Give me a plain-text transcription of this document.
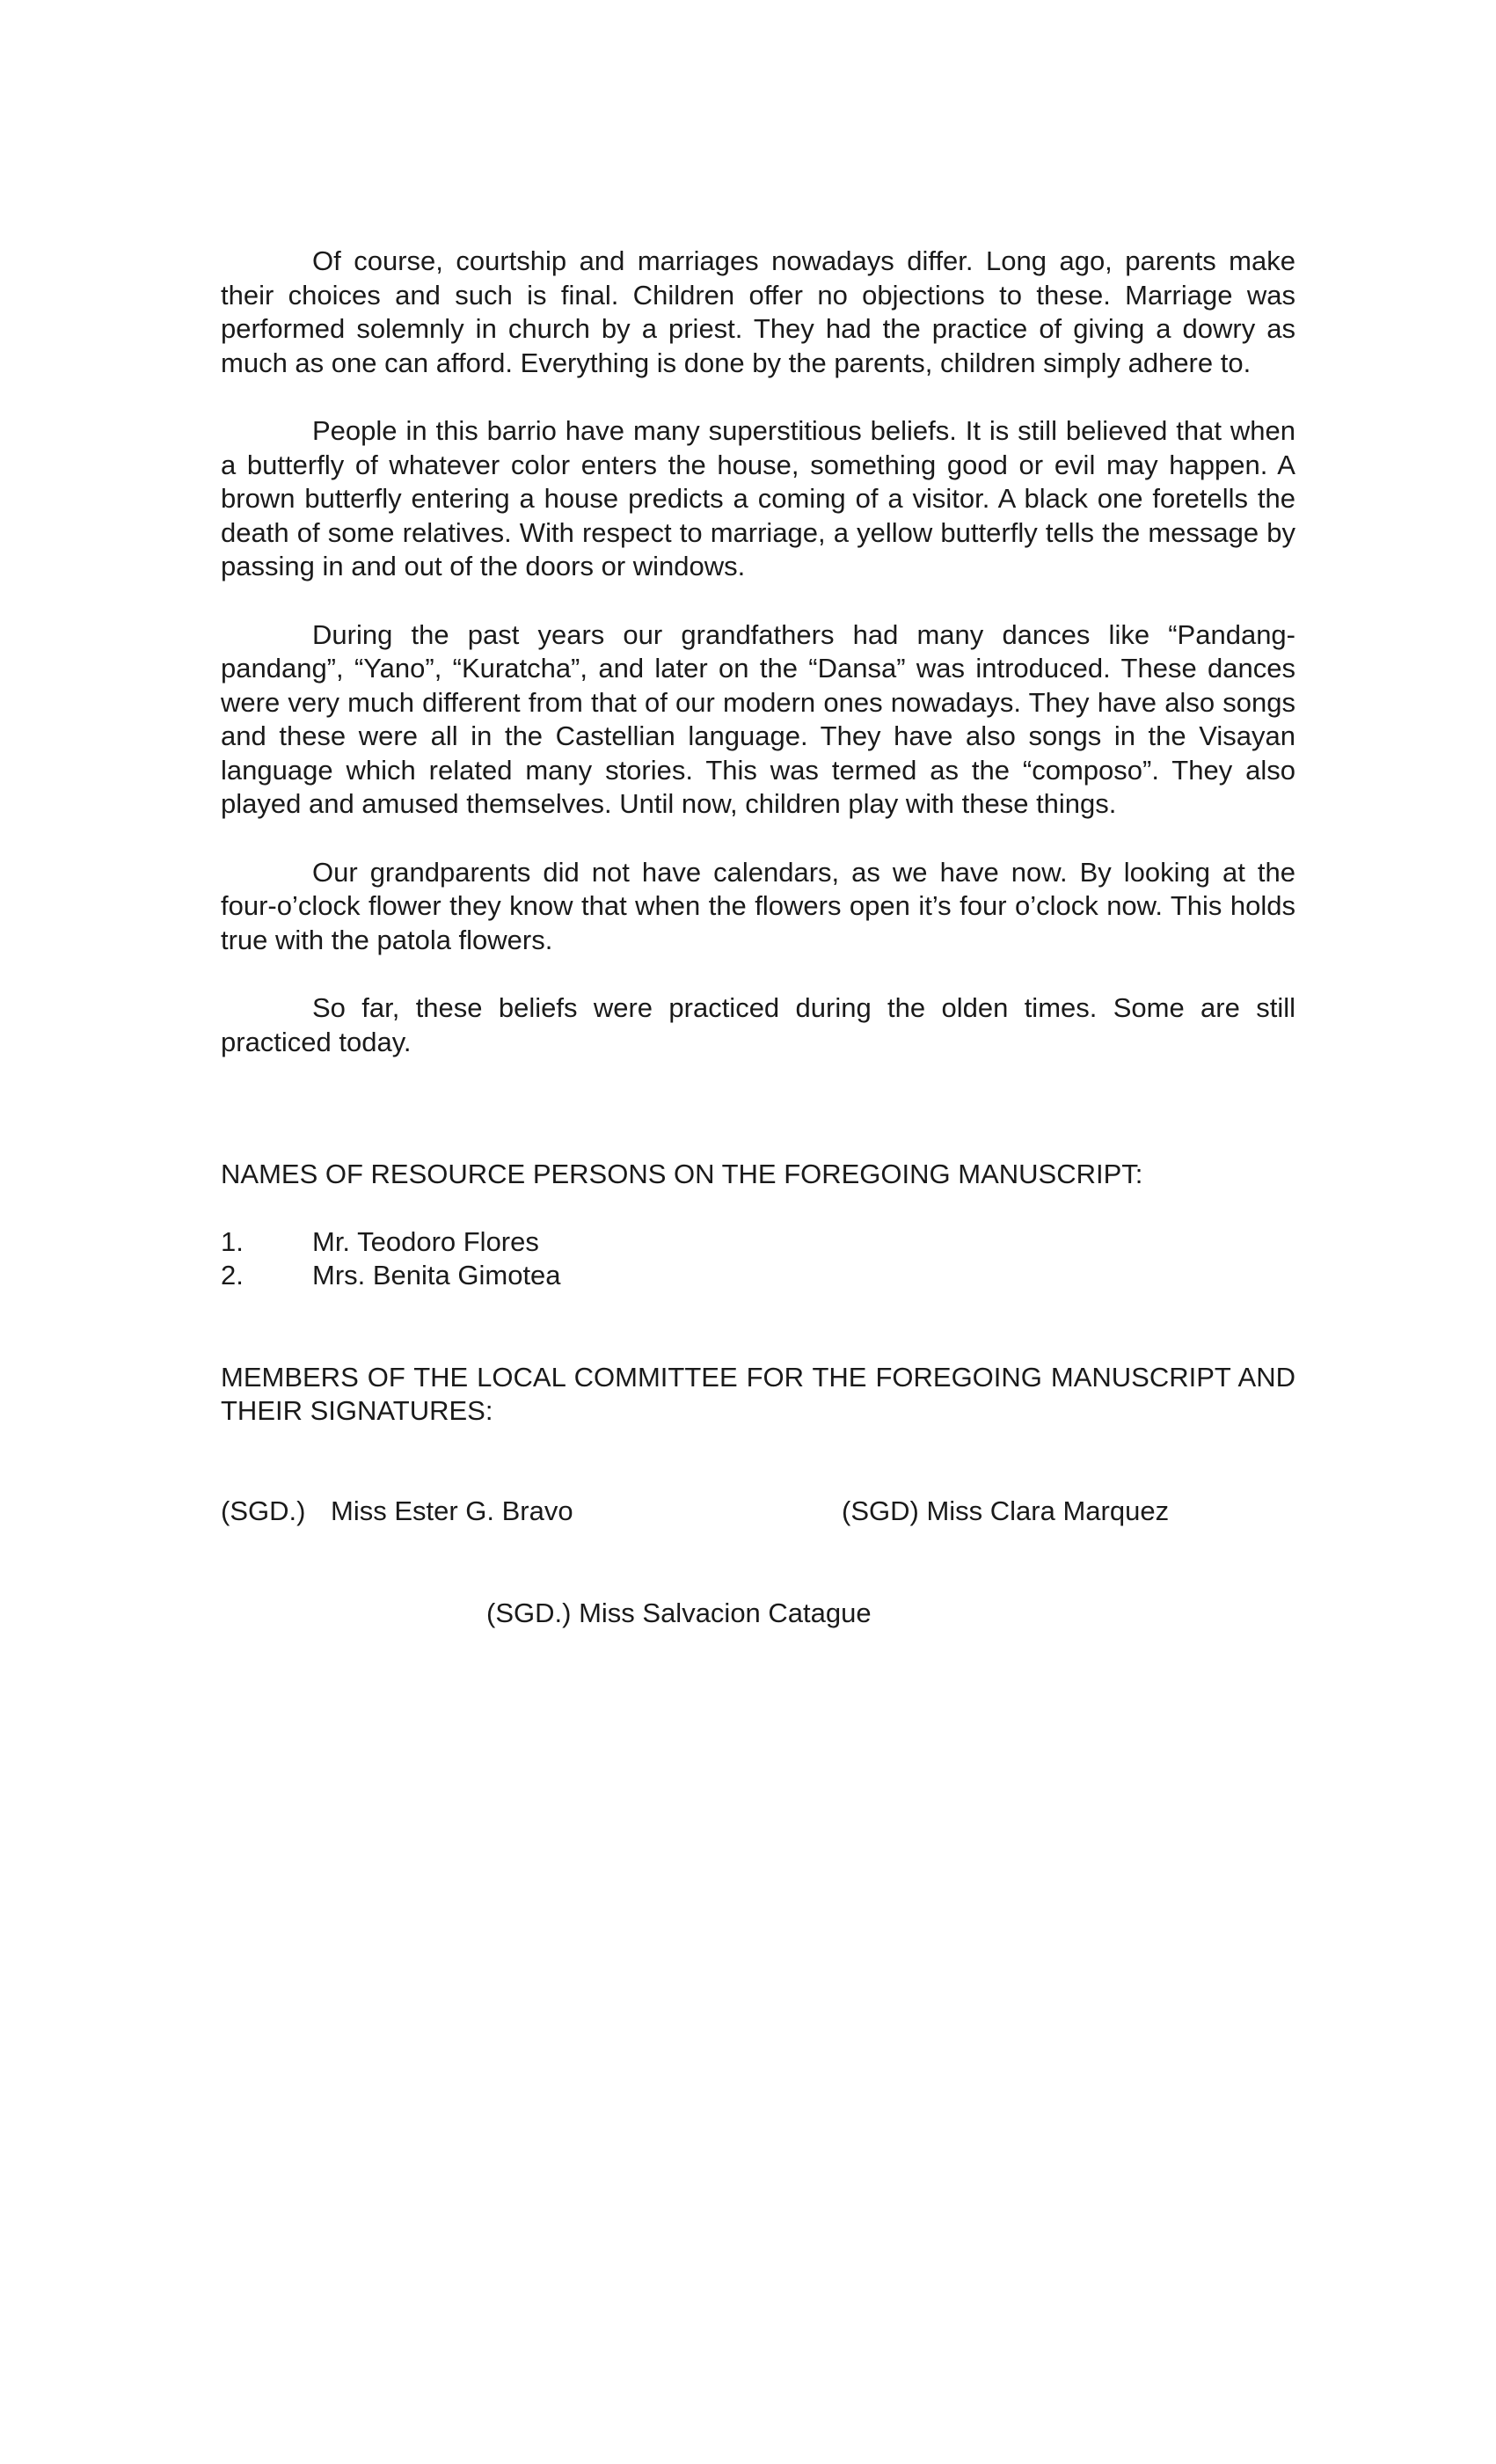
Of course, courtship and marriages nowadays differ. Long ago, parents make their choices and such is final. Children offer no objections to these. Marriage was performed solemnly in church by a priest. They had the practice of giving a dowry as much as one can afford. Everything is done by the parents, children simply adhere to.

People in this barrio have many superstitious beliefs. It is still believed that when a butterfly of whatever color enters the house, something good or evil may happen. A brown butterfly entering a house predicts a coming of a visitor. A black one foretells the death of some relatives. With respect to marriage, a yellow butterfly tells the message by passing in and out of the doors or windows.

During the past years our grandfathers had many dances like “Pandang-pandang”, “Yano”, “Kuratcha”, and later on the “Dansa” was introduced. These dances were very much different from that of our modern ones nowadays. They have also songs and these were all in the Castellian language. They have also songs in the Visayan language which related many stories. This was termed as the “composo”. They also played and amused themselves. Until now, children play with these things.

Our grandparents did not have calendars, as we have now. By looking at the four-o’clock flower they know that when the flowers open it’s four o’clock now. This holds true with the patola flowers.

So far, these beliefs were practiced during the olden times. Some are still practiced today.

NAMES OF RESOURCE PERSONS ON THE FOREGOING MANUSCRIPT:

1.	Mr. Teodoro Flores
2.	Mrs. Benita Gimotea

MEMBERS OF THE LOCAL COMMITTEE FOR THE FOREGOING MANUSCRIPT AND THEIR SIGNATURES:

(SGD.) Miss Ester G. Bravo	(SGD) Miss Clara Marquez
(SGD.) Miss Salvacion Catague
